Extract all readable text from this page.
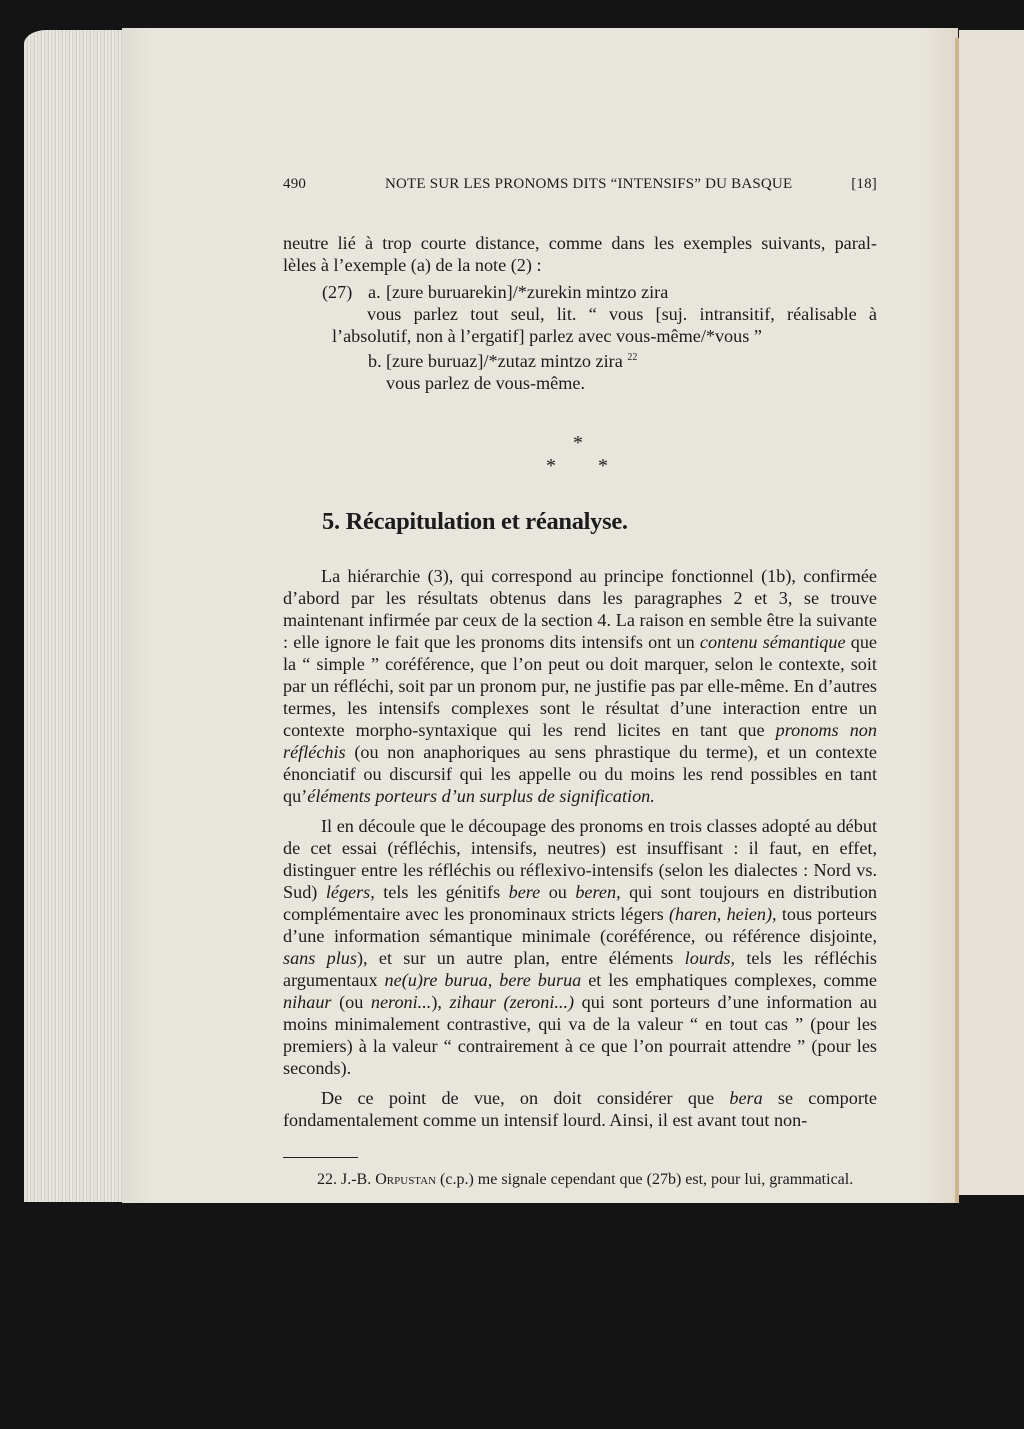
490	NOTE SUR LES PRONOMS DITS “INTENSIFS” DU BASQUE	[18]

neutre lié à trop courte distance, comme dans les exemples suivants, paral-

lèles à l’exemple (a) de la note (2) :

(27) a. [zure buruarekin]/*zurekin mintzo zira
vous parlez tout seul, lit. “ vous [suj. intransitif, réalisable à
l’absolutif, non à l’ergatif] parlez avec vous-même/*vous ”
b. [zure buruaz]/*zutaz mintzo zira $^{22}$
vous parlez de vous-même.
*
* *
5. Récapitulation et réanalyse.

La hiérarchie (3), qui correspond au principe fonctionnel (1b), confirmée d’abord par les résultats obtenus dans les paragraphes 2 et 3, se trouve maintenant infirmée par ceux de la section 4. La raison en semble être la suivante : elle ignore le fait que les pronoms dits intensifs ont un contenu sémantique que la “ simple ” coréférence, que l’on peut ou doit marquer, selon le contexte, soit par un réfléchi, soit par un pronom pur, ne justifie pas par elle-même. En d’autres termes, les intensifs complexes sont le résultat d’une interaction entre un contexte morpho-syntaxique qui les rend licites en tant que pronoms non réfléchis (ou non anaphoriques au sens phrastique du terme), et un contexte énonciatif ou discursif qui les appelle ou du moins les rend possibles en tant qu’éléments porteurs d’un surplus de signification.

Il en découle que le découpage des pronoms en trois classes adopté au début de cet essai (réfléchis, intensifs, neutres) est insuffisant : il faut, en effet, distinguer entre les réfléchis ou réflexivo-intensifs (selon les dialectes : Nord vs. Sud) légers, tels les génitifs bere ou beren, qui sont toujours en distribution complémentaire avec les pronominaux stricts légers (haren, heien), tous porteurs d’une information sémantique minimale (coréférence, ou référence disjointe, sans plus), et sur un autre plan, entre éléments lourds, tels les réfléchis argumentaux ne(u)re burua, bere burua et les emphatiques complexes, comme nihaur (ou neroni...), zihaur (zeroni...) qui sont porteurs d’une information au moins minimalement contrastive, qui va de la valeur “ en tout cas ” (pour les premiers) à la valeur “ contrairement à ce que l’on pourrait attendre ” (pour les seconds).

De ce point de vue, on doit considérer que bera se comporte fondamentalement comme un intensif lourd. Ainsi, il est avant tout non-

22. J.-B. Orpustan (c.p.) me signale cependant que (27b) est, pour lui, grammatical.
